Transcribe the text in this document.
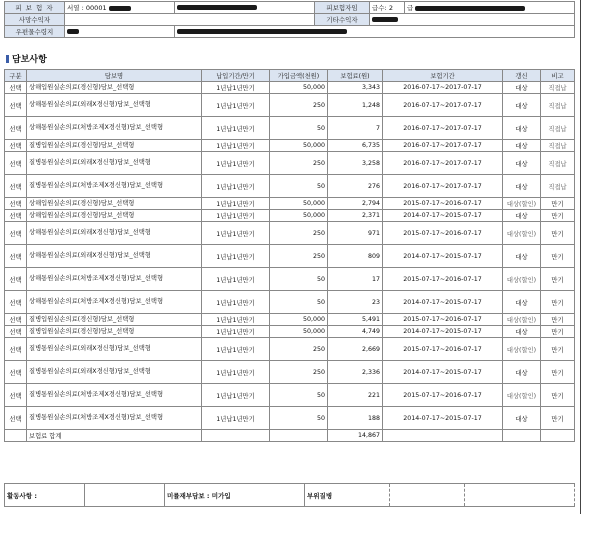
피 보 험 자	서열 : 00001		피보험자임	급수: 2	급
사망수익자			기타수익자		
우편물수령지					
담보사항
구분	담보명	납입기간/만기	가입금액(천원)	보험료(원)	보험기간	갱신	비고
선택	상해입원실손의료(경신형)담보_선택형	1년납1년만기	50,000	3,343	2016-07-17~2017-07-17	대상	직접납
선택	상해통원실손의료(외래X경신형)담보_선택형	1년납1년만기	250	1,248	2016-07-17~2017-07-17	대상	직접납
선택	상해통원실손의료(처방조제X경신형)담보_선택형	1년납1년만기	50	7	2016-07-17~2017-07-17	대상	직접납
선택	질병입원실손의료(경신형)담보_선택형	1년납1년만기	50,000	6,735	2016-07-17~2017-07-17	대상	직접납
선택	질병통원실손의료(외래X경신형)담보_선택형	1년납1년만기	250	3,258	2016-07-17~2017-07-17	대상	직접납
선택	질병통원실손의료(처방조제X경신형)담보_선택형	1년납1년만기	50	276	2016-07-17~2017-07-17	대상	직접납
선택	상해입원실손의료(경신형)담보_선택형	1년납1년만기	50,000	2,794	2015-07-17~2016-07-17	대상(할인)	만기
선택	상해입원실손의료(경신형)담보_선택형	1년납1년만기	50,000	2,371	2014-07-17~2015-07-17	대상	만기
선택	상해통원실손의료(외래X경신형)담보_선택형	1년납1년만기	250	971	2015-07-17~2016-07-17	대상(할인)	만기
선택	상해통원실손의료(외래X경신형)담보_선택형	1년납1년만기	250	809	2014-07-17~2015-07-17	대상	만기
선택	상해통원실손의료(처방조제X경신형)담보_선택형	1년납1년만기	50	17	2015-07-17~2016-07-17	대상(할인)	만기
선택	상해통원실손의료(처방조제X경신형)담보_선택형	1년납1년만기	50	23	2014-07-17~2015-07-17	대상	만기
선택	질병입원실손의료(경신형)담보_선택형	1년납1년만기	50,000	5,491	2015-07-17~2016-07-17	대상(할인)	만기
선택	질병입원실손의료(경신형)담보_선택형	1년납1년만기	50,000	4,749	2014-07-17~2015-07-17	대상	만기
선택	질병통원실손의료(외래X경신형)담보_선택형	1년납1년만기	250	2,669	2015-07-17~2016-07-17	대상(할인)	만기
선택	질병통원실손의료(외래X경신형)담보_선택형	1년납1년만기	250	2,336	2014-07-17~2015-07-17	대상	만기
선택	질병통원실손의료(처방조제X경신형)담보_선택형	1년납1년만기	50	221	2015-07-17~2016-07-17	대상(할인)	만기
선택	질병통원실손의료(처방조제X경신형)담보_선택형	1년납1년만기	50	188	2014-07-17~2015-07-17	대상	만기
	보험료 합계			14,867			
활동사항 :		미률재부담보 : 미가입	부위질병		
